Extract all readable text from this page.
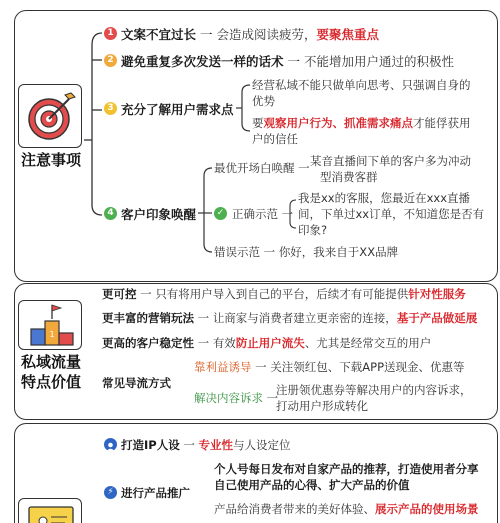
注意事项
1 文案不宜过长 一 会造成阅读疲劳，要聚焦重点
2 避免重复多次发送一样的话术 一 不能增加用户通过的积极性
3 充分了解用户需求点
经营私域不能只做单向思考、只强调自身的
优势
要观察用户行为、抓准需求痛点才能俘获用
户的信任
4 客户印象唤醒
最优开场白唤醒 一 某音直播间下单的客户多为冲动
型消费客群
✓ 正确示范 一
我是xx的客服，您最近在xxx直播
间，下单过xx订单，不知道您是否有
印象?
错误示范 一 你好，我来自于XX品牌
1
私域流量
特点价值
更可控 一 只有将用户导入到自己的平台，后续才有可能提供针对性服务
更丰富的营销玩法 一 让商家与消费者建立更亲密的连接，基于产品做延展
更高的客户稳定性 一 有效防止用户流失、尤其是经常交互的用户
常见导流方式
靠利益诱导 一 关注领红包、下载APP送现金、优惠等
解决内容诉求 一
注册领优惠券等解决用户的内容诉求，
打动用户形成转化
打造IP人设 一 专业性与人设定位
⚡ 进行产品推广
个人号每日发布对自家产品的推荐，打造使用者分享
自己使用产品的心得、扩大产品的价值
产品给消费者带来的美好体验、展示产品的使用场景
